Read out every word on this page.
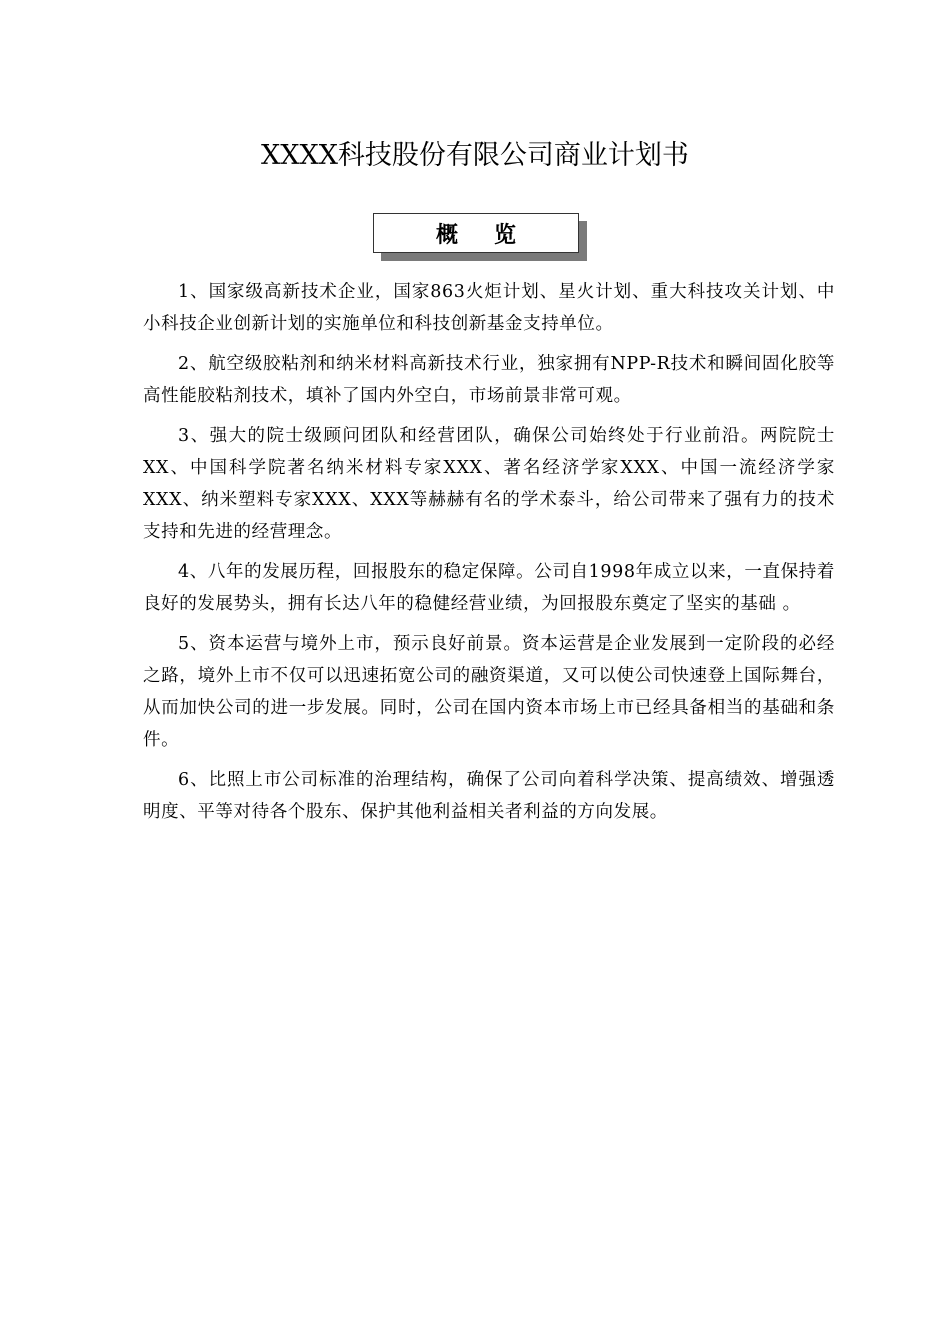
XXXX科技股份有限公司商业计划书
概览

1、国家级高新技术企业，国家863火炬计划、星火计划、重大科技攻关计划、中小科技企业创新计划的实施单位和科技创新基金支持单位。

2、航空级胶粘剂和纳米材料高新技术行业，独家拥有NPP-R技术和瞬间固化胶等高性能胶粘剂技术，填补了国内外空白，市场前景非常可观。

3、强大的院士级顾问团队和经营团队，确保公司始终处于行业前沿。两院院士XX、中国科学院著名纳米材料专家XXX、著名经济学家XXX、中国一流经济学家XXX、纳米塑料专家XXX、XXX等赫赫有名的学术泰斗，给公司带来了强有力的技术支持和先进的经营理念。

4、八年的发展历程，回报股东的稳定保障。公司自1998年成立以来，一直保持着良好的发展势头，拥有长达八年的稳健经营业绩，为回报股东奠定了坚实的基础 。

5、资本运营与境外上市，预示良好前景。资本运营是企业发展到一定阶段的必经之路，境外上市不仅可以迅速拓宽公司的融资渠道，又可以使公司快速登上国际舞台，从而加快公司的进一步发展。同时，公司在国内资本市场上市已经具备相当的基础和条件。

6、比照上市公司标准的治理结构，确保了公司向着科学决策、提高绩效、增强透明度、平等对待各个股东、保护其他利益相关者利益的方向发展。
